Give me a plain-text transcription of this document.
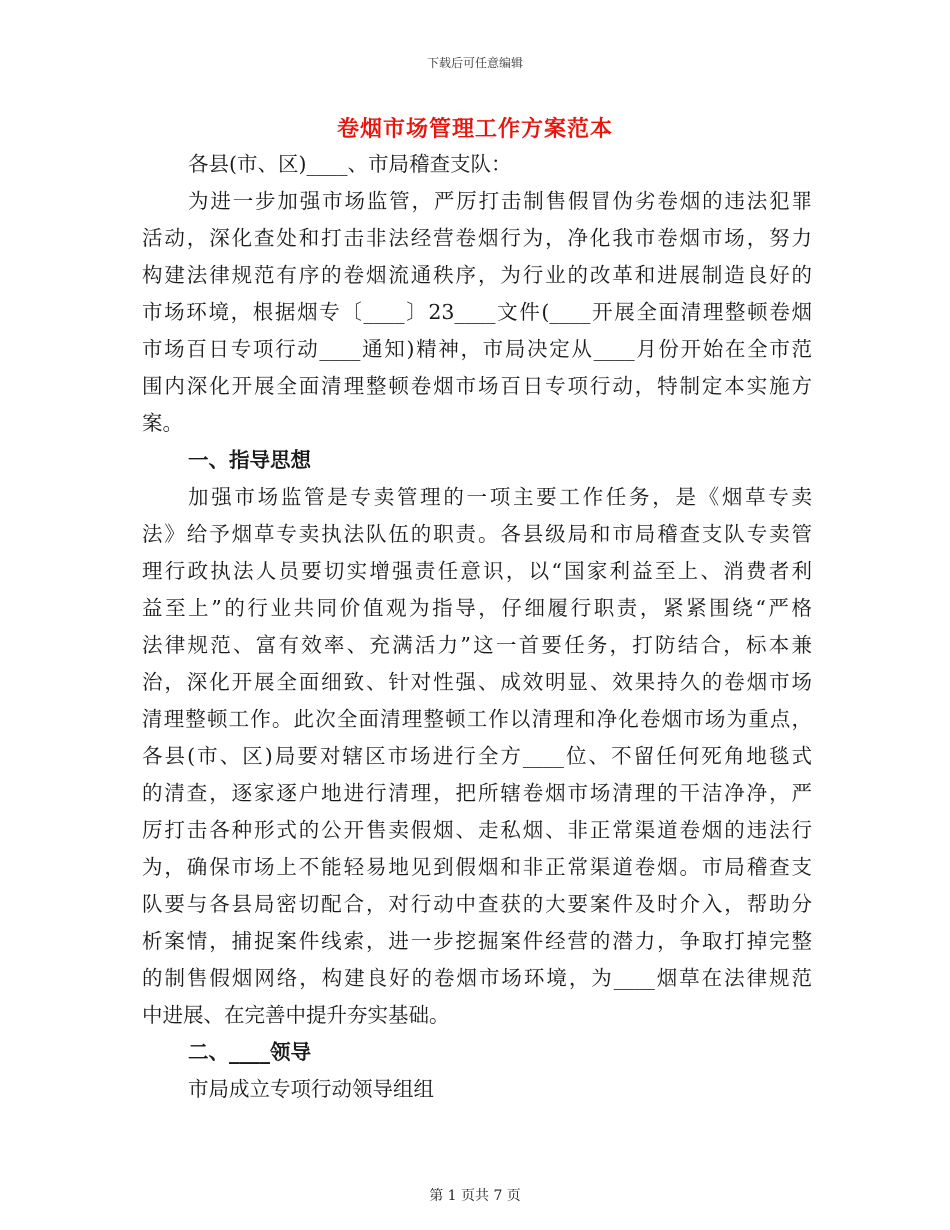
下载后可任意编辑
卷烟市场管理工作方案范本
各县(市、区)____、市局稽查支队：
为进一步加强市场监管，严厉打击制售假冒伪劣卷烟的违法犯罪
活动，深化查处和打击非法经营卷烟行为，净化我市卷烟市场，努力
构建法律规范有序的卷烟流通秩序，为行业的改革和进展制造良好的
市场环境，根据烟专〔____〕23____文件(____开展全面清理整顿卷烟
市场百日专项行动____通知)精神，市局决定从____月份开始在全市范
围内深化开展全面清理整顿卷烟市场百日专项行动，特制定本实施方
案。
一、指导思想
加强市场监管是专卖管理的一项主要工作任务，是《烟草专卖
法》给予烟草专卖执法队伍的职责。各县级局和市局稽查支队专卖管
理行政执法人员要切实增强责任意识，以“国家利益至上、消费者利
益至上”的行业共同价值观为指导，仔细履行职责，紧紧围绕“严格
法律规范、富有效率、充满活力”这一首要任务，打防结合，标本兼
治，深化开展全面细致、针对性强、成效明显、效果持久的卷烟市场
清理整顿工作。此次全面清理整顿工作以清理和净化卷烟市场为重点，
各县(市、区)局要对辖区市场进行全方____位、不留任何死角地毯式
的清查，逐家逐户地进行清理，把所辖卷烟市场清理的干洁净净，严
厉打击各种形式的公开售卖假烟、走私烟、非正常渠道卷烟的违法行
为，确保市场上不能轻易地见到假烟和非正常渠道卷烟。市局稽查支
队要与各县局密切配合，对行动中查获的大要案件及时介入，帮助分
析案情，捕捉案件线索，进一步挖掘案件经营的潜力，争取打掉完整
的制售假烟网络，构建良好的卷烟市场环境，为____烟草在法律规范
中进展、在完善中提升夯实基础。
二、____领导
市局成立专项行动领导组组
第 1 页共 7 页
